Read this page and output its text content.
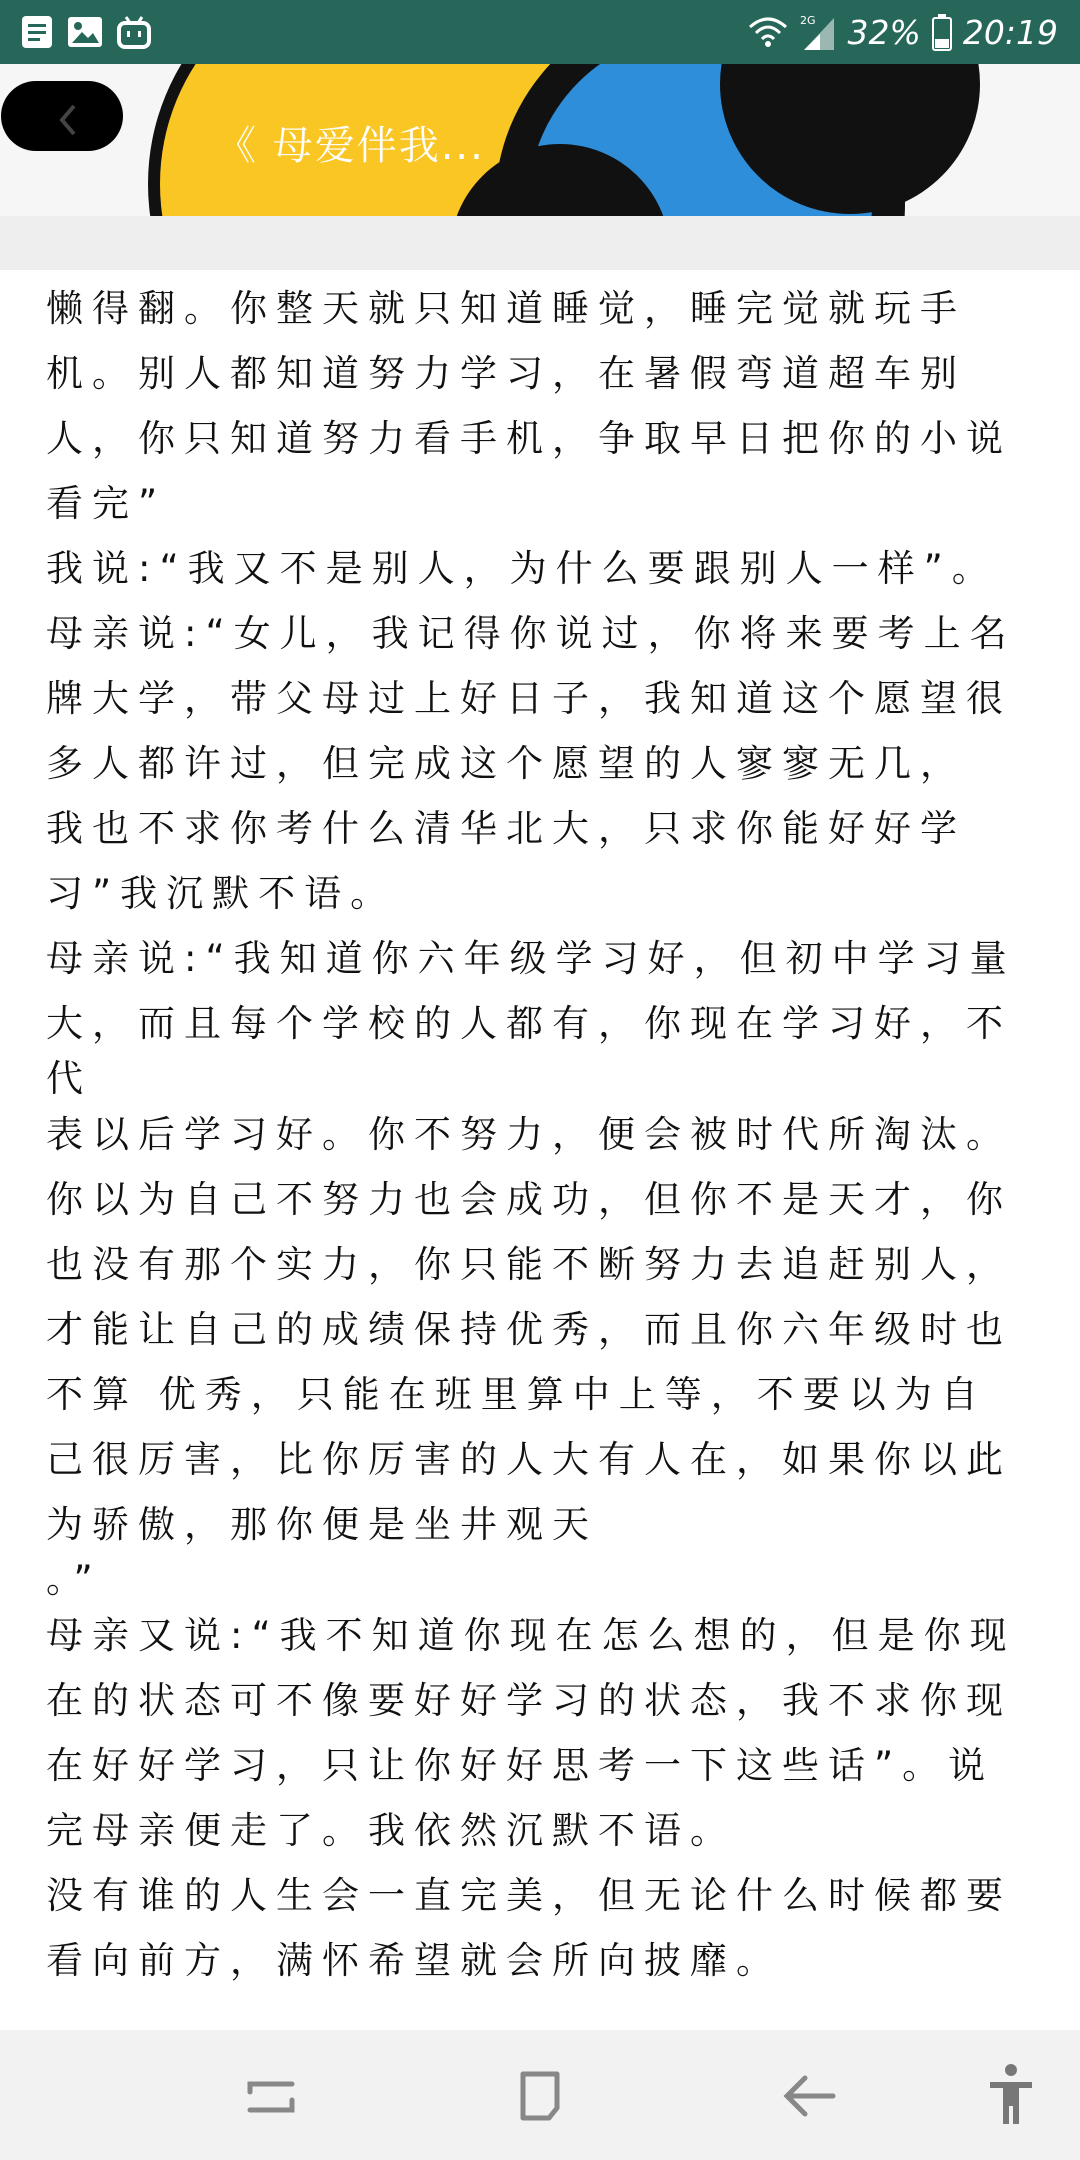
2G 32% 20:19
《 母爱伴我...
懒得翻。你整天就只知道睡觉，睡完觉就玩手
机。别人都知道努力学习，在暑假弯道超车别
人，你只知道努力看手机，争取早日把你的小说
看完”
我说:“我又不是别人，为什么要跟别人一样”。
母亲说:“女儿，我记得你说过，你将来要考上名
牌大学，带父母过上好日子，我知道这个愿望很
多人都许过，但完成这个愿望的人寥寥无几，
我也不求你考什么清华北大，只求你能好好学
习”我沉默不语。
母亲说:“我知道你六年级学习好，但初中学习量
大，而且每个学校的人都有，你现在学习好，不
代
表以后学习好。你不努力，便会被时代所淘汰。
你以为自己不努力也会成功，但你不是天才，你
也没有那个实力，你只能不断努力去追赶别人，
才能让自己的成绩保持优秀，而且你六年级时也
不算 优秀，只能在班里算中上等，不要以为自
己很厉害，比你厉害的人大有人在，如果你以此
为骄傲，那你便是坐井观天
。”
母亲又说:“我不知道你现在怎么想的，但是你现
在的状态可不像要好好学习的状态，我不求你现
在好好学习，只让你好好思考一下这些话”。说
完母亲便走了。我依然沉默不语。
没有谁的人生会一直完美，但无论什么时候都要
看向前方，满怀希望就会所向披靡。
